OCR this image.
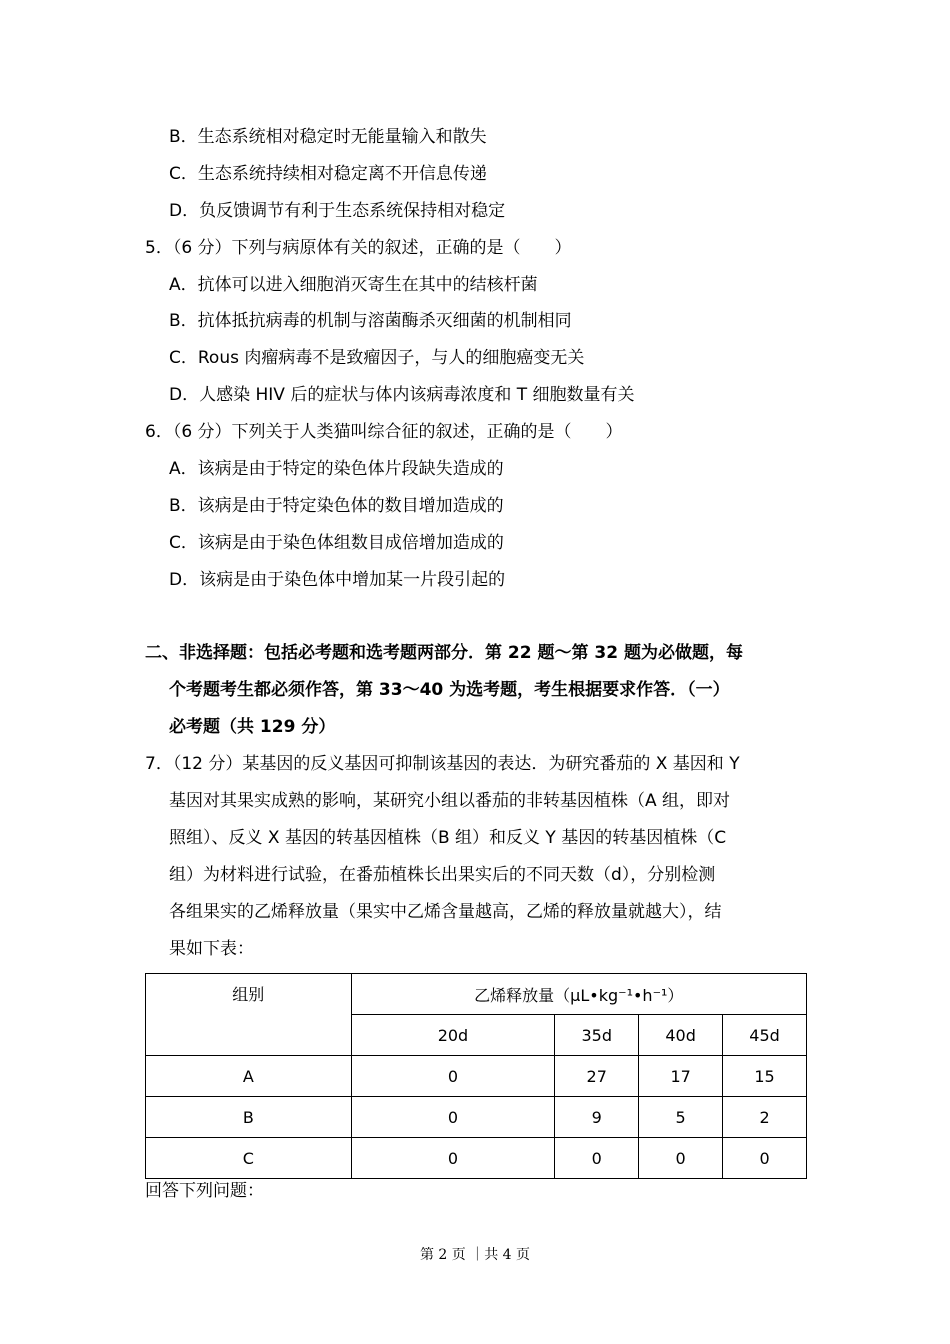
B．生态系统相对稳定时无能量输入和散失
C．生态系统持续相对稳定离不开信息传递
D．负反馈调节有利于生态系统保持相对稳定
5．（6 分）下列与病原体有关的叙述，正确的是（　　）
A．抗体可以进入细胞消灭寄生在其中的结核杆菌
B．抗体抵抗病毒的机制与溶菌酶杀灭细菌的机制相同
C．Rous 肉瘤病毒不是致瘤因子，与人的细胞癌变无关
D．人感染 HIV 后的症状与体内该病毒浓度和 T 细胞数量有关
6．（6 分）下列关于人类猫叫综合征的叙述，正确的是（　　）
A．该病是由于特定的染色体片段缺失造成的
B．该病是由于特定染色体的数目增加造成的
C．该病是由于染色体组数目成倍增加造成的
D．该病是由于染色体中增加某一片段引起的
二、非选择题：包括必考题和选考题两部分．第 22 题～第 32 题为必做题，每
个考题考生都必须作答，第 33～40 为选考题，考生根据要求作答．（一）
必考题（共 129 分）
7．（12 分）某基因的反义基因可抑制该基因的表达．为研究番茄的 X 基因和 Y
基因对其果实成熟的影响，某研究小组以番茄的非转基因植株（A 组，即对
照组）、反义 X 基因的转基因植株（B 组）和反义 Y 基因的转基因植株（C
组）为材料进行试验，在番茄植株长出果实后的不同天数（d），分别检测
各组果实的乙烯释放量（果实中乙烯含量越高，乙烯的释放量就越大），结
果如下表：
组别	乙烯释放量（μL•kg⁻¹•h⁻¹）			
	20d	35d	40d	45d
A	0	27	17	15
B	0	9	5	2
C	0	0	0	0
回答下列问题：
第 2 页 ｜共 4 页
